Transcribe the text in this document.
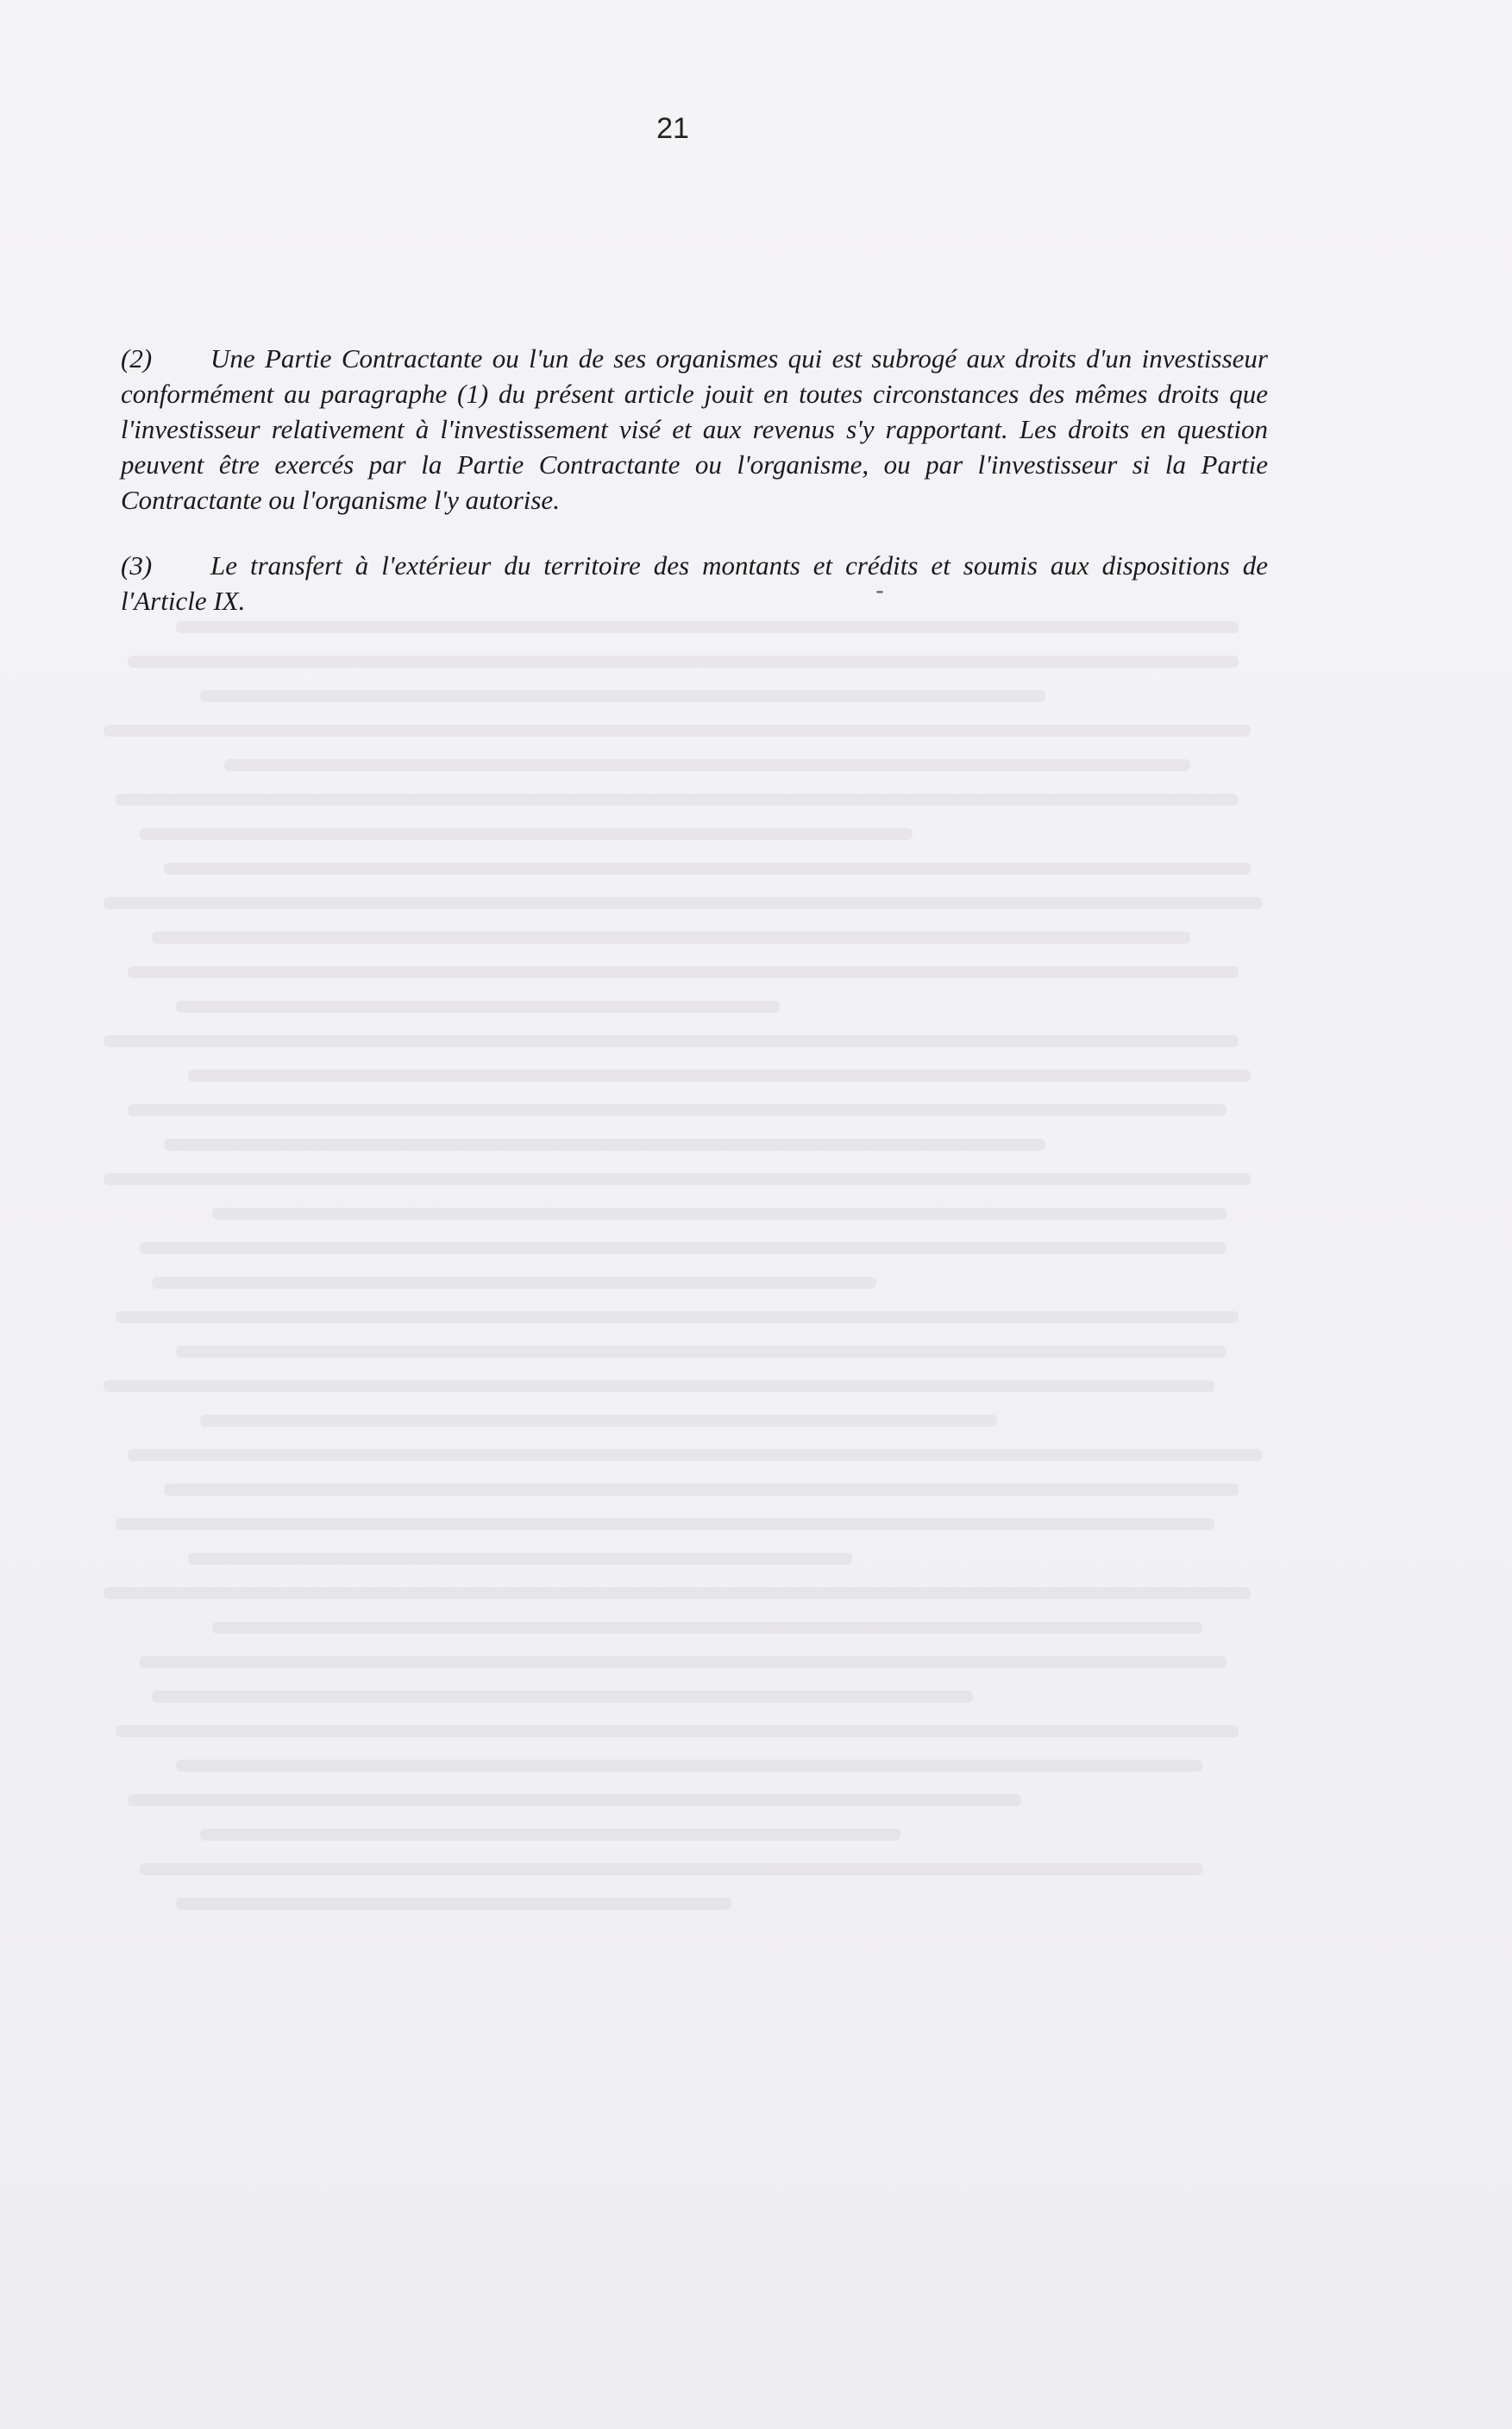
21

(2) Une Partie Contractante ou l'un de ses organismes qui est subrogé aux droits d'un investisseur conformément au paragraphe (1) du présent article jouit en toutes circonstances des mêmes droits que l'investisseur relativement à l'investissement visé et aux revenus s'y rapportant. Les droits en question peuvent être exercés par la Partie Contractante ou l'organisme, ou par l'investisseur si la Partie Contractante ou l'organisme l'y autorise.

(3) Le transfert à l'extérieur du territoire des montants et crédits et soumis aux dispositions de l'Article IX.	-
